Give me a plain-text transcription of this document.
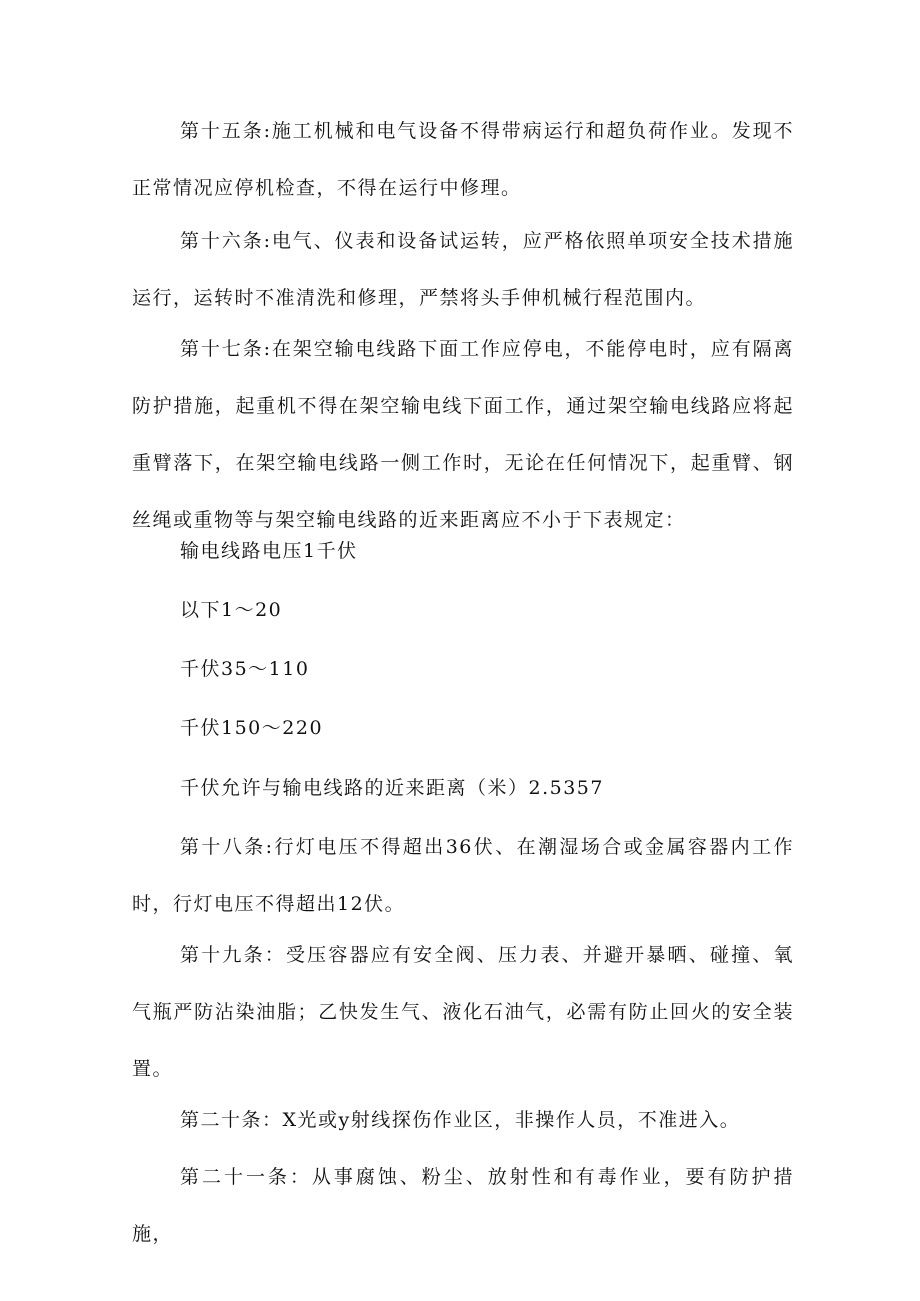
第十五条:施工机械和电气设备不得带病运行和超负荷作业。发现不正常情况应停机检查，不得在运行中修理。

第十六条:电气、仪表和设备试运转，应严格依照单项安全技术措施运行，运转时不准清洗和修理，严禁将头手伸机械行程范围内。

第十七条:在架空输电线路下面工作应停电，不能停电时，应有隔离防护措施，起重机不得在架空输电线下面工作，通过架空输电线路应将起重臂落下，在架空输电线路一侧工作时，无论在任何情况下，起重臂、钢丝绳或重物等与架空输电线路的近来距离应不小于下表规定：

输电线路电压1千伏

以下1～20

千伏35～110

千伏150～220

千伏允许与输电线路的近来距离（米）2.5357

第十八条:行灯电压不得超出36伏、在潮湿场合或金属容器内工作时，行灯电压不得超出12伏。

第十九条：受压容器应有安全阀、压力表、并避开暴晒、碰撞、氧气瓶严防沾染油脂；乙快发生气、液化石油气，必需有防止回火的安全装置。

第二十条：X光或y射线探伤作业区，非操作人员，不准进入。

第二十一条：从事腐蚀、粉尘、放射性和有毒作业，要有防护措施，
